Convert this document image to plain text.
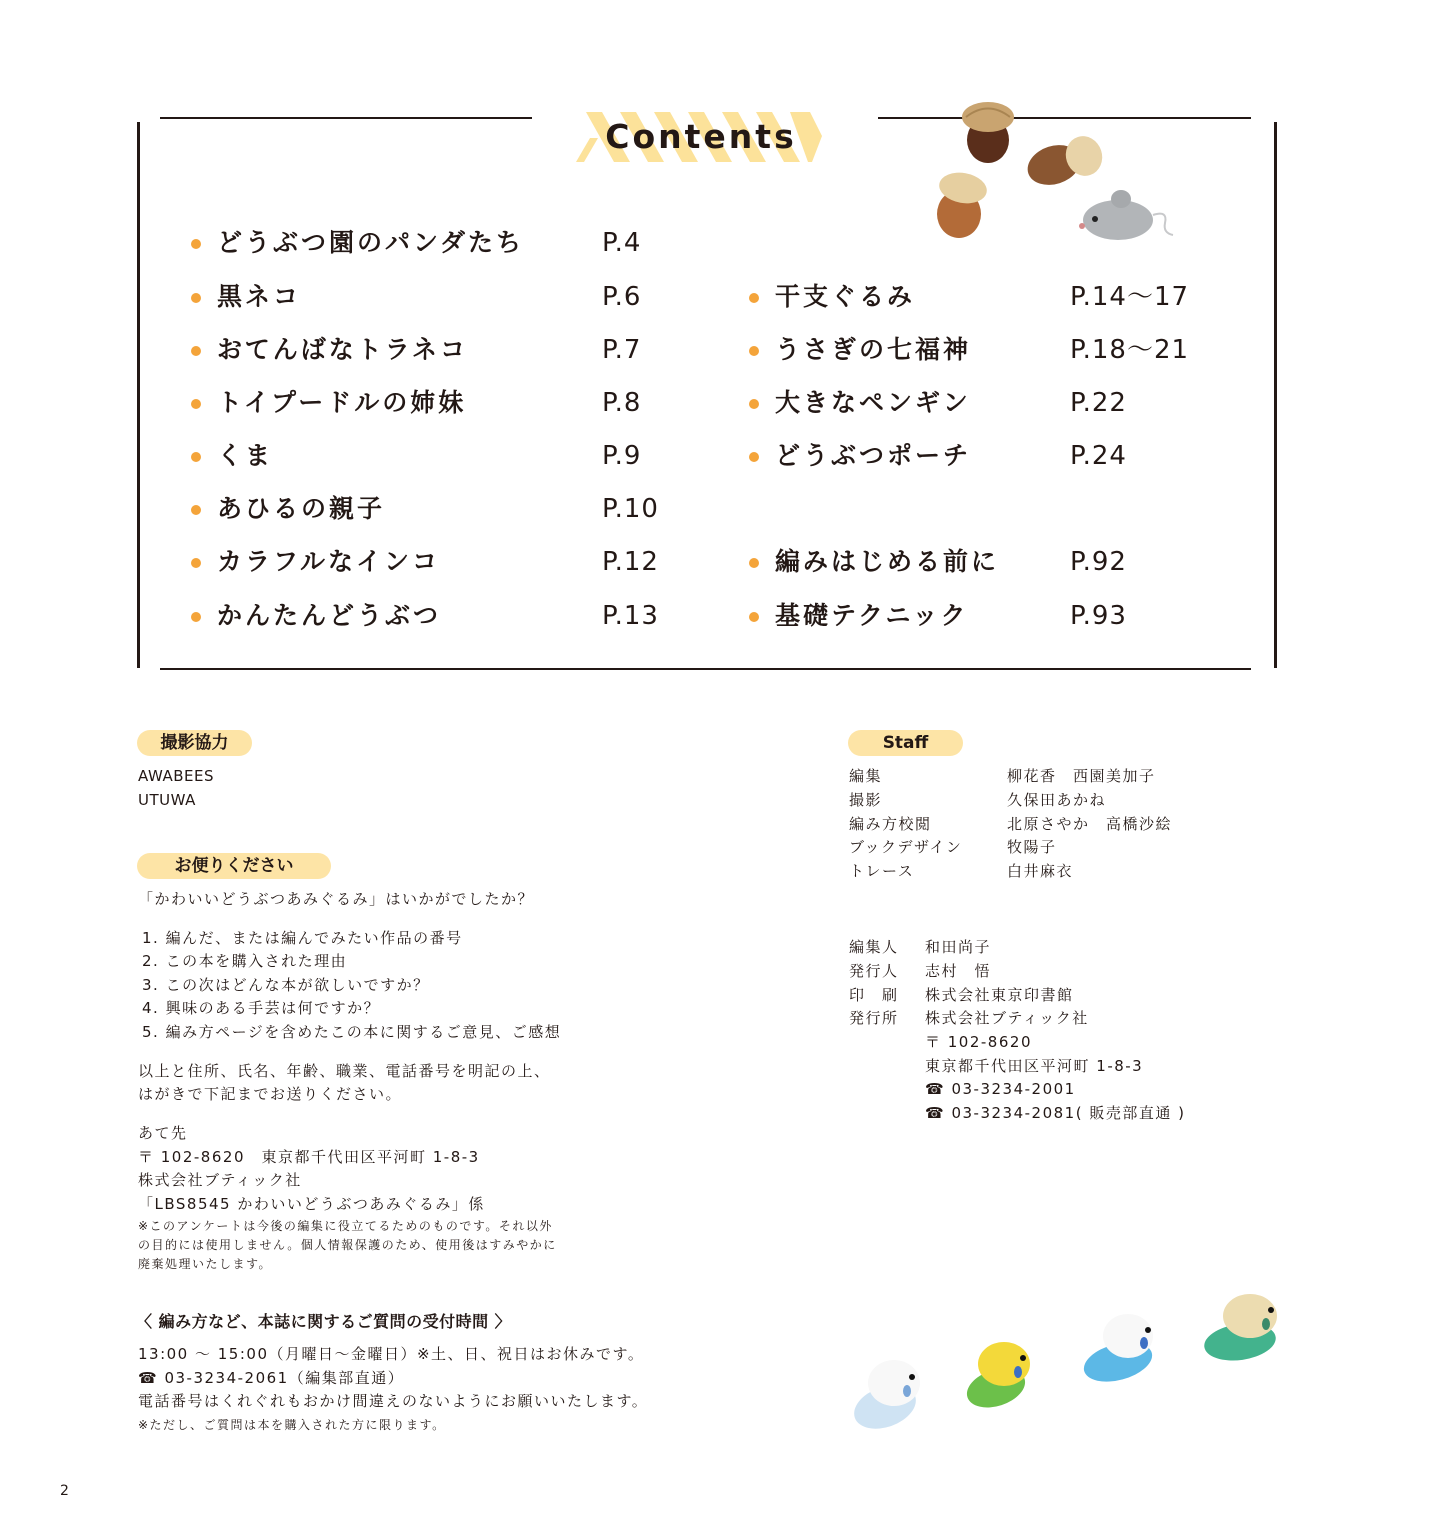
Contents
どうぶつ園のパンダたち	P.4
黒ネコ	P.6
おてんばなトラネコ	P.7
トイプードルの姉妹	P.8
くま	P.9
あひるの親子	P.10
カラフルなインコ	P.12
かんたんどうぶつ	P.13
干支ぐるみ	P.14〜17
うさぎの七福神	P.18〜21
大きなペンギン	P.22
どうぶつポーチ	P.24
編みはじめる前に	P.92
基礎テクニック	P.93
撮影協力
AWABEES
UTUWA
お便りください
「かわいいどうぶつあみぐるみ」はいかがでしたか？
1. 編んだ、または編んでみたい作品の番号
2. この本を購入された理由
3. この次はどんな本が欲しいですか？
4. 興味のある手芸は何ですか？
5. 編み方ページを含めたこの本に関するご意見、ご感想
以上と住所、氏名、年齢、職業、電話番号を明記の上、
はがきで下記までお送りください。
あて先
〒 102-8620　東京都千代田区平河町 1-8-3
株式会社ブティック社
「LBS8545 かわいいどうぶつあみぐるみ」係
※このアンケートは今後の編集に役立てるためのものです。それ以外
の目的には使用しません。個人情報保護のため、使用後はすみやかに
廃棄処理いたします。
〈 編み方など、本誌に関するご質問の受付時間 〉
13:00 〜 15:00（月曜日〜金曜日）※土、日、祝日はお休みです。
☎ 03-3234-2061（編集部直通）
電話番号はくれぐれもおかけ間違えのないようにお願いいたします。
※ただし、ご質問は本を購入された方に限ります。
Staff
編集	柳花香　西園美加子
撮影	久保田あかね
編み方校閲	北原さやか　高橋沙絵
ブックデザイン	牧陽子
トレース	白井麻衣
編集人 和田尚子
発行人 志村　悟
印　刷 株式会社東京印書館
発行所 株式会社ブティック社
〒 102-8620
東京都千代田区平河町 1-8-3
☎ 03-3234-2001
☎ 03-3234-2081( 販売部直通 )
2
